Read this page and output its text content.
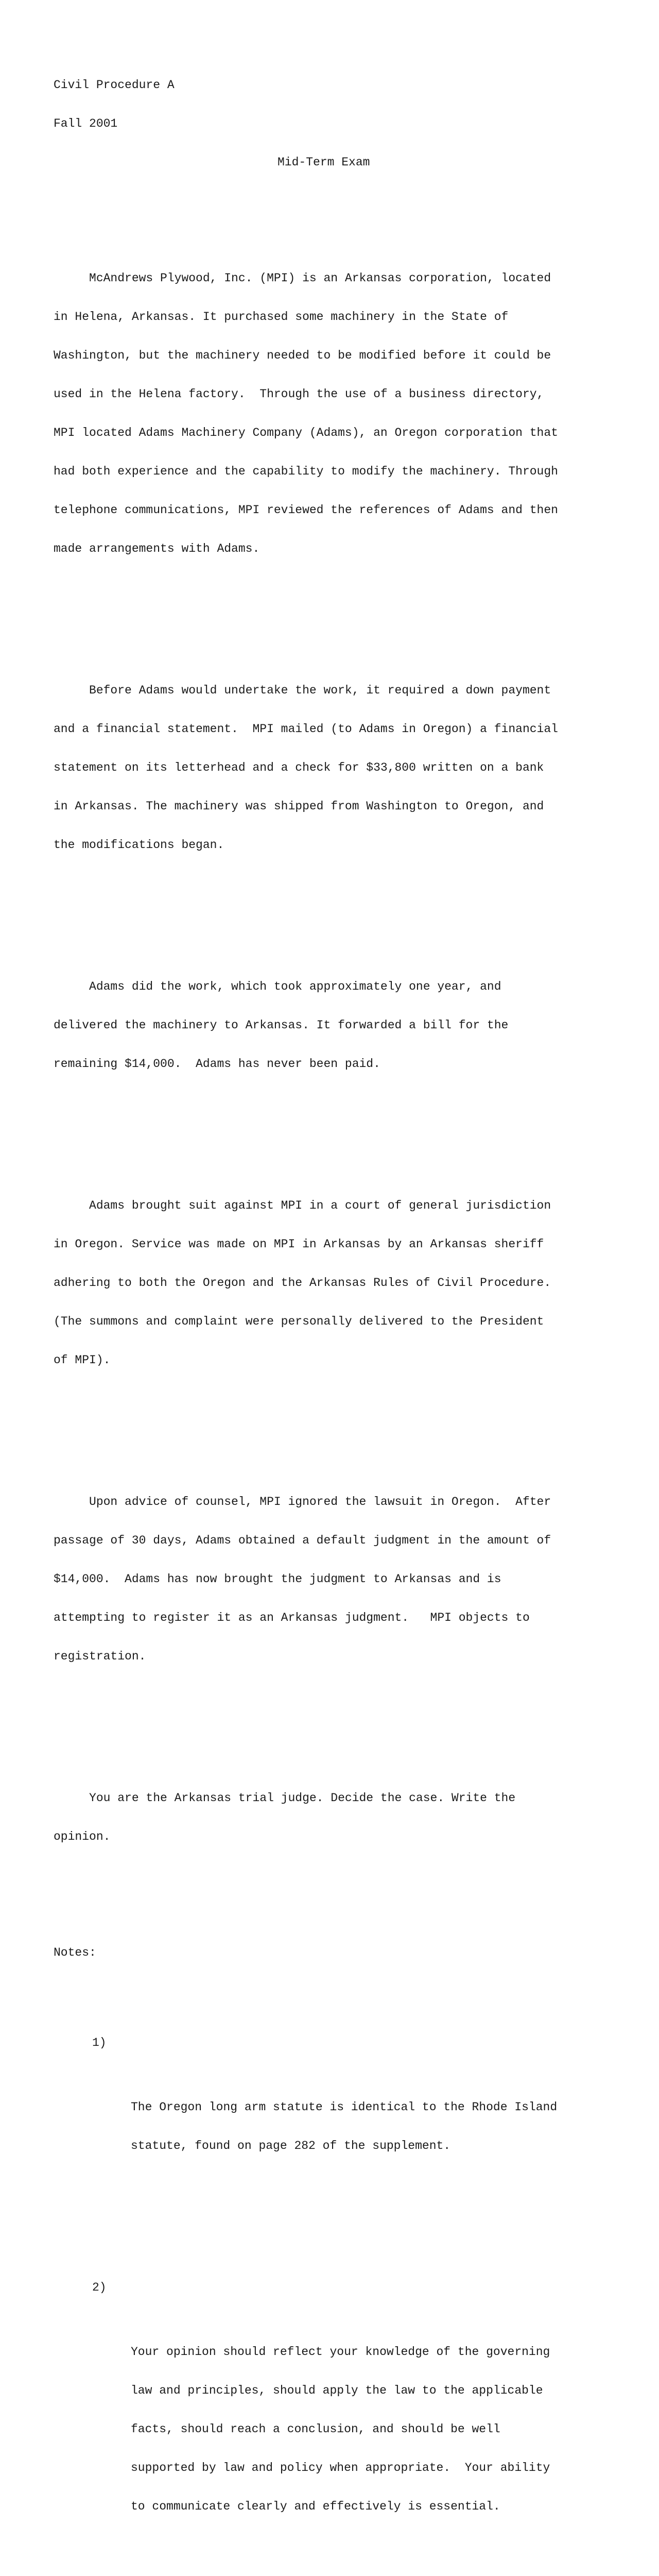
Civil Procedure A

Fall 2001

Mid-Term Exam

McAndrews Plywood, Inc. (MPI) is an Arkansas corporation, located

in Helena, Arkansas. It purchased some machinery in the State of

Washington, but the machinery needed to be modified before it could be

used in the Helena factory.  Through the use of a business directory,

MPI located Adams Machinery Company (Adams), an Oregon corporation that

had both experience and the capability to modify the machinery. Through

telephone communications, MPI reviewed the references of Adams and then

made arrangements with Adams.

Before Adams would undertake the work, it required a down payment

and a financial statement.  MPI mailed (to Adams in Oregon) a financial

statement on its letterhead and a check for $33,800 written on a bank

in Arkansas. The machinery was shipped from Washington to Oregon, and

the modifications began.

Adams did the work, which took approximately one year, and

delivered the machinery to Arkansas. It forwarded a bill for the

remaining $14,000.  Adams has never been paid.

Adams brought suit against MPI in a court of general jurisdiction

in Oregon. Service was made on MPI in Arkansas by an Arkansas sheriff

adhering to both the Oregon and the Arkansas Rules of Civil Procedure.

(The summons and complaint were personally delivered to the President

of MPI).

Upon advice of counsel, MPI ignored the lawsuit in Oregon.  After

passage of 30 days, Adams obtained a default judgment in the amount of

$14,000.  Adams has now brought the judgment to Arkansas and is

attempting to register it as an Arkansas judgment.   MPI objects to

registration.

You are the Arkansas trial judge. Decide the case. Write the

opinion.

Notes:

1)

The Oregon long arm statute is identical to the Rhode Island

statute, found on page 282 of the supplement.

2)

Your opinion should reflect your knowledge of the governing

law and principles, should apply the law to the applicable

facts, should reach a conclusion, and should be well

supported by law and policy when appropriate.  Your ability

to communicate clearly and effectively is essential.
